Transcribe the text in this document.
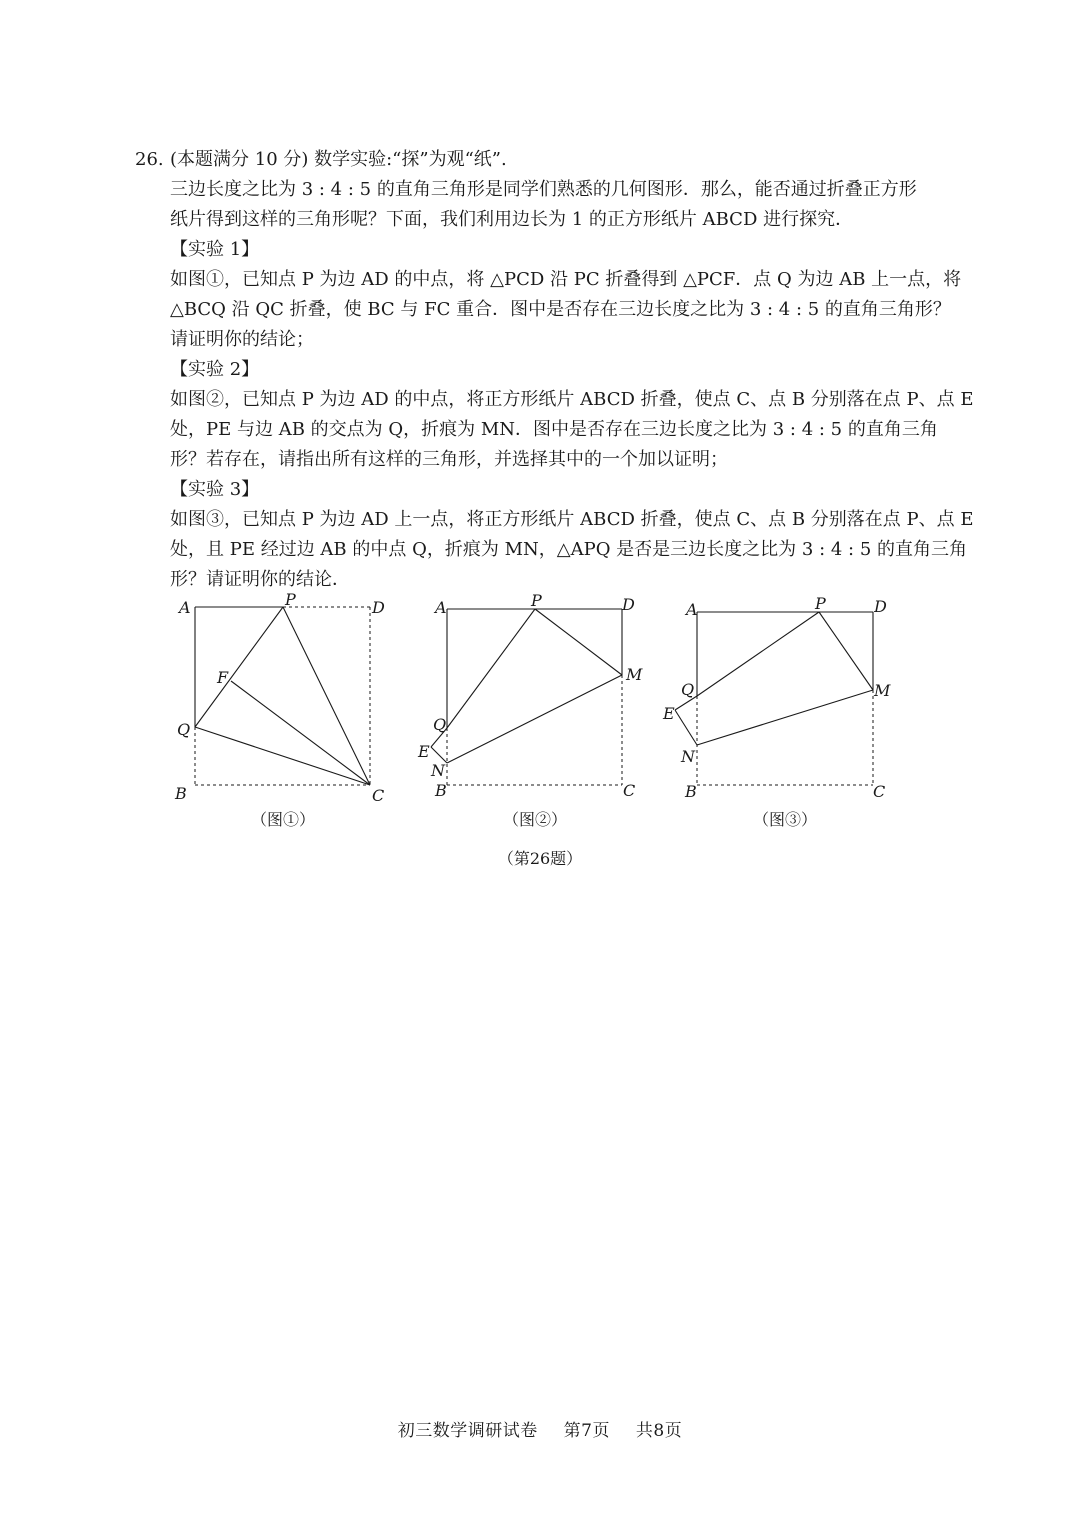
26. (本题满分 10 分) 数学实验:“探”为观“纸”.
三边长度之比为 3 : 4 : 5 的直角三角形是同学们熟悉的几何图形．那么，能否通过折叠正方形
纸片得到这样的三角形呢？下面，我们利用边长为 1 的正方形纸片 ABCD 进行探究．
【实验 1】
如图①，已知点 P 为边 AD 的中点，将 △PCD 沿 PC 折叠得到 △PCF．点 Q 为边 AB 上一点，将
△BCQ 沿 QC 折叠，使 BC 与 FC 重合．图中是否存在三边长度之比为 3 : 4 : 5 的直角三角形？
请证明你的结论；
【实验 2】
如图②，已知点 P 为边 AD 的中点，将正方形纸片 ABCD 折叠，使点 C、点 B 分别落在点 P、点 E
处，PE 与边 AB 的交点为 Q，折痕为 MN．图中是否存在三边长度之比为 3 : 4 : 5 的直角三角
形？若存在，请指出所有这样的三角形，并选择其中的一个加以证明；
【实验 3】
如图③，已知点 P 为边 AD 上一点，将正方形纸片 ABCD 折叠，使点 C、点 B 分别落在点 P、点 E
处，且 PE 经过边 AB 的中点 Q，折痕为 MN，△APQ 是否是三边长度之比为 3 : 4 : 5 的直角三角
形？请证明你的结论．
A	P	D
F
Q
B	C
（图①）
A	P	D
M
Q
E
N
B	C
（图②）
A	P	D
Q	M
E
N
B	C
（图③）
（第26题）
初三数学调研试卷 第7页 共8页
